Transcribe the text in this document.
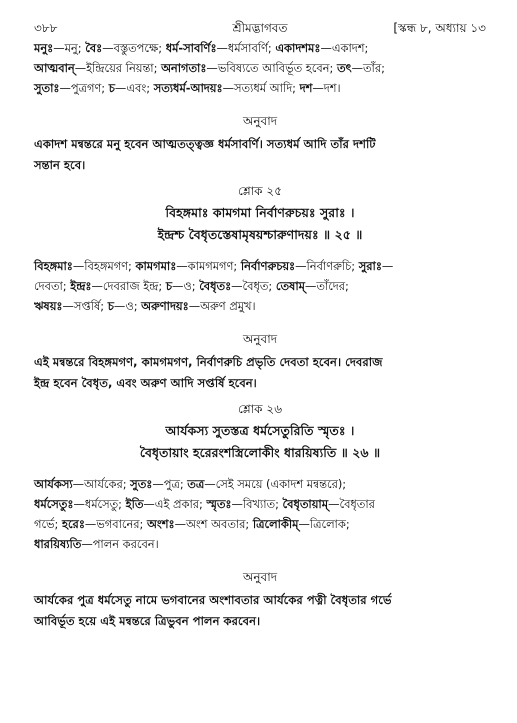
৩৮৮	শ্রীমদ্ভাগবত	[স্কন্ধ ৮, অধ্যায় ১৩

মনুঃ—মনু; বৈঃ—বস্তুতপক্ষে; ধর্ম-সাবর্ণিঃ—ধর্মসাবর্ণি; একাদশমঃ—একাদশ;

আত্মবান্—ইন্দ্রিয়ের নিয়ন্তা; অনাগতাঃ—ভবিষ্যতে আবির্ভূত হবেন; তৎ—তাঁর;

সুতাঃ—পুত্রগণ; চ—এবং; সত্যধর্ম-আদয়ঃ—সত্যধর্ম আদি; দশ—দশ।

অনুবাদ

একাদশ মন্বন্তরে মনু হবেন আত্মতত্ত্বজ্ঞ ধর্মসাবর্ণি। সত্যধর্ম আদি তাঁর দশটি

সন্তান হবে।

শ্লোক ২৫

বিহঙ্গমাঃ কামগমা নির্বাণরুচয়ঃ সুরাঃ ।

ইন্দ্রশ্চ বৈধৃতস্তেষামৃষয়শ্চারুণাদয়ঃ ॥ ২৫ ॥

বিহঙ্গমাঃ—বিহঙ্গমগণ; কামগমাঃ—কামগমগণ; নির্বাণরুচয়ঃ—নির্বাণরুচি; সুরাঃ—

দেবতা; ইন্দ্রঃ—দেবরাজ ইন্দ্র; চ—ও; বৈধৃতঃ—বৈধৃত; তেষাম্—তাঁদের;

ঋষয়ঃ—সপ্তর্ষি; চ—ও; অরুণাদয়ঃ—অরুণ প্রমুখ।

অনুবাদ

এই মন্বন্তরে বিহঙ্গমগণ, কামগমগণ, নির্বাণরুচি প্রভৃতি দেবতা হবেন। দেবরাজ

ইন্দ্র হবেন বৈধৃত, এবং অরুণ আদি সপ্তর্ষি হবেন।

শ্লোক ২৬

আর্যকস্য সুতস্তত্র ধর্মসেতুরিতি স্মৃতঃ ।

বৈধৃতায়াং হরেরংশস্ত্রিলোকীং ধারয়িষ্যতি ॥ ২৬ ॥

আর্যকস্য—আর্যকের; সুতঃ—পুত্র; তত্র—সেই সময়ে (একাদশ মন্বন্তরে);

ধর্মসেতুঃ—ধর্মসেতু; ইতি—এই প্রকার; স্মৃতঃ—বিখ্যাত; বৈধৃতায়াম্—বৈধৃতার

গর্ভে; হরেঃ—ভগবানের; অংশঃ—অংশ অবতার; ত্রিলোকীম্—ত্রিলোক;

ধারয়িষ্যতি—পালন করবেন।

অনুবাদ

আর্যকের পুত্র ধর্মসেতু নামে ভগবানের অংশাবতার আর্যকের পত্নী বৈধৃতার গর্ভে

আবির্ভূত হয়ে এই মন্বন্তরে ত্রিভুবন পালন করবেন।
